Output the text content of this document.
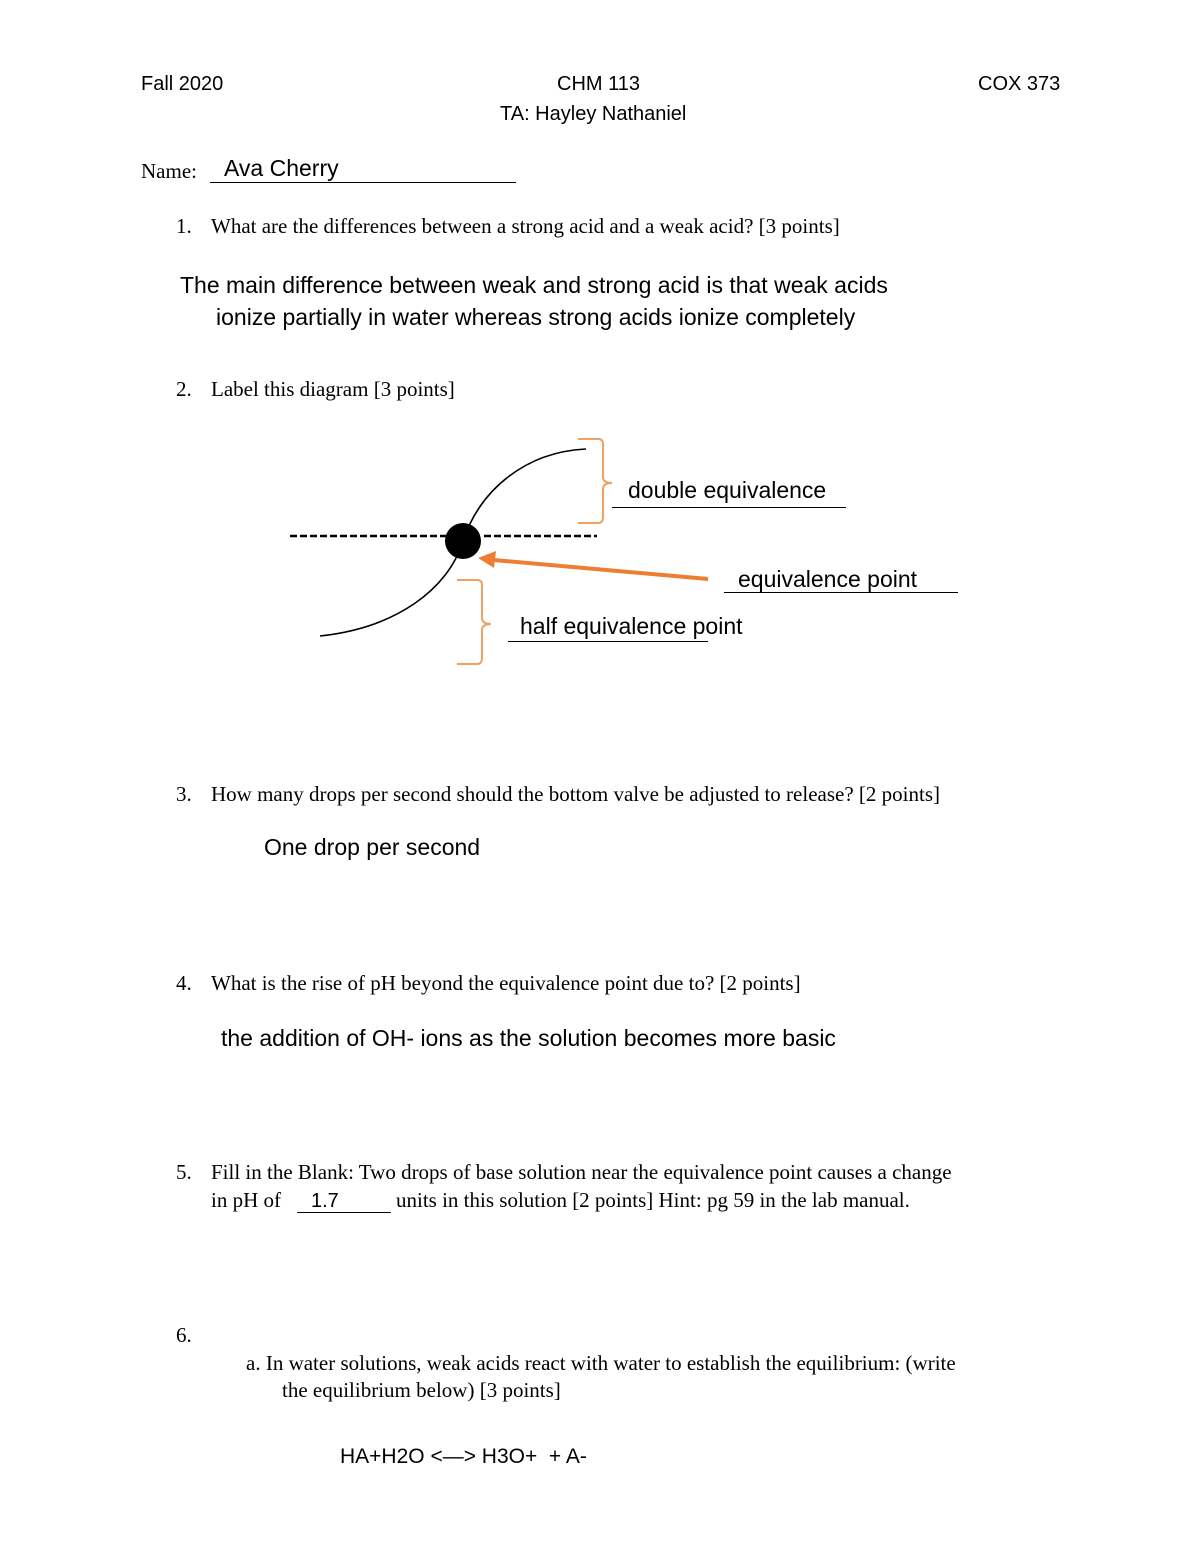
Fall 2020	CHM 113	COX 373
TA: Hayley Nathaniel
Name: Ava Cherry
1. What are the differences between a strong acid and a weak acid? [3 points]
The main difference between weak and strong acid is that weak acids
ionize partially in water whereas strong acids ionize completely
2. Label this diagram [3 points]
double equivalence
equivalence point
half equivalence point
3. How many drops per second should the bottom valve be adjusted to release? [2 points]
One drop per second
4. What is the rise of pH beyond the equivalence point due to? [2 points]
the addition of OH- ions as the solution becomes more basic
5. Fill in the Blank: Two drops of base solution near the equivalence point causes a change
in pH of 1.7	units in this solution [2 points] Hint: pg 59 in the lab manual.
6.
a. In water solutions, weak acids react with water to establish the equilibrium: (write
the equilibrium below) [3 points]
HA+H2O <—> H3O+  + A-
